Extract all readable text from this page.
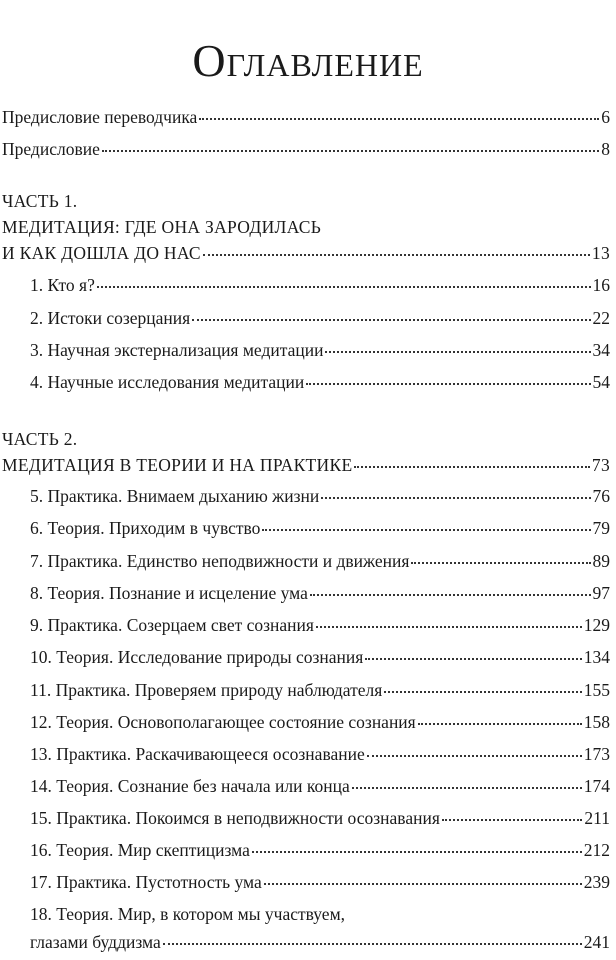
Оглавление
Предисловие переводчика	6
Предисловие	8
ЧАСТЬ 1.
МЕДИТАЦИЯ: ГДЕ ОНА ЗАРОДИЛАСЬ
И КАК ДОШЛА ДО НАС	13
1. Кто я?	16
2. Истоки созерцания	22
3. Научная экстернализация медитации	34
4. Научные исследования медитации	54
ЧАСТЬ 2.
МЕДИТАЦИЯ В ТЕОРИИ И НА ПРАКТИКЕ	73
5. Практика. Внимаем дыханию жизни	76
6. Теория. Приходим в чувство	79
7. Практика. Единство неподвижности и движения	89
8. Теория. Познание и исцеление ума	97
9. Практика. Созерцаем свет сознания	129
10. Теория. Исследование природы сознания	134
11. Практика. Проверяем природу наблюдателя	155
12. Теория. Основополагающее состояние сознания	158
13. Практика. Раскачивающееся осознавание	173
14. Теория. Сознание без начала или конца	174
15. Практика. Покоимся в неподвижности осознавания	211
16. Теория. Мир скептицизма	212
17. Практика. Пустотность ума	239
18. Теория. Мир, в котором мы участвуем,
глазами буддизма	241
